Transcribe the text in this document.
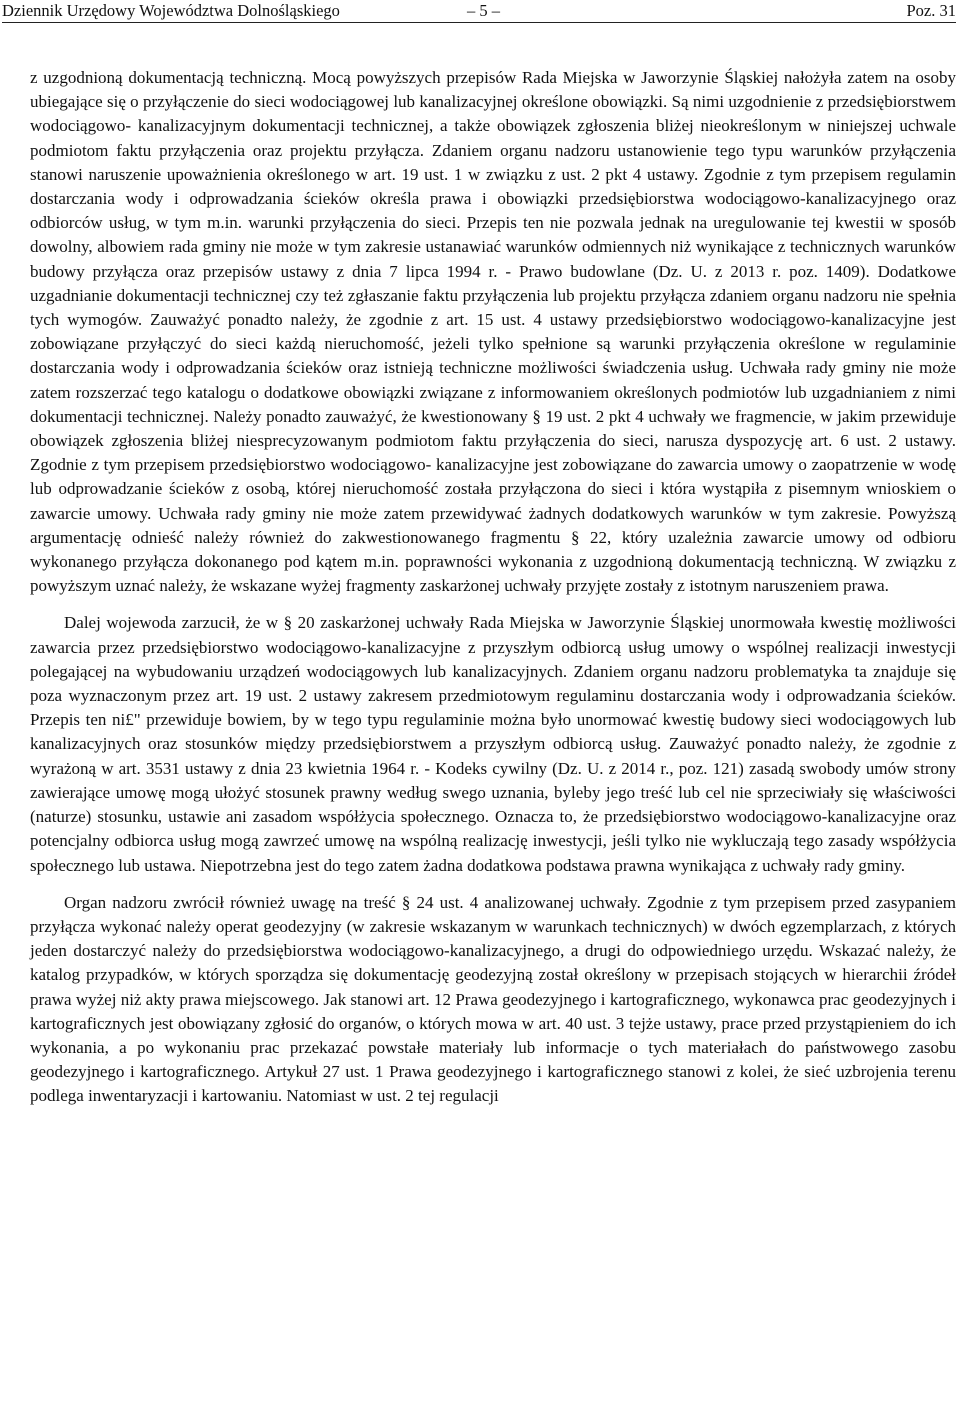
Dziennik Urzędowy Województwa Dolnośląskiego	– 5 –	Poz. 31

z uzgodnioną dokumentacją techniczną. Mocą powyższych przepisów Rada Miejska w Jaworzynie Śląskiej nałożyła zatem na osoby ubiegające się o przyłączenie do sieci wodociągowej lub kanalizacyjnej określone obowiązki. Są nimi uzgodnienie z przedsiębiorstwem wodociągowo- kanalizacyjnym dokumentacji technicznej, a także obowiązek zgłoszenia bliżej nieokreślonym w niniejszej uchwale podmiotom faktu przyłączenia oraz projektu przyłącza. Zdaniem organu nadzoru ustanowienie tego typu warunków przyłączenia stanowi naruszenie upoważnienia określonego w art. 19 ust. 1 w związku z ust. 2 pkt 4 ustawy. Zgodnie z tym przepisem regulamin dostarczania wody i odprowadzania ścieków określa prawa i obowiązki przedsiębiorstwa wodociągowo-kanalizacyjnego oraz odbiorców usług, w tym m.in. warunki przyłączenia do sieci. Przepis ten nie pozwala jednak na uregulowanie tej kwestii w sposób dowolny, albowiem rada gminy nie może w tym zakresie ustanawiać warunków odmiennych niż wynikające z technicznych warunków budowy przyłącza oraz przepisów ustawy z dnia 7 lipca 1994 r. - Prawo budowlane (Dz. U. z 2013 r. poz. 1409). Dodatkowe uzgadnianie dokumentacji technicznej czy też zgłaszanie faktu przyłączenia lub projektu przyłącza zdaniem organu nadzoru nie spełnia tych wymogów. Zauważyć ponadto należy, że zgodnie z art. 15 ust. 4 ustawy przedsiębiorstwo wodociągowo-kanalizacyjne jest zobowiązane przyłączyć do sieci każdą nieruchomość, jeżeli tylko spełnione są warunki przyłączenia określone w regulaminie dostarczania wody i odprowadzania ścieków oraz istnieją techniczne możliwości świadczenia usług. Uchwała rady gminy nie może zatem rozszerzać tego katalogu o dodatkowe obowiązki związane z informowaniem określonych podmiotów lub uzgadnianiem z nimi dokumentacji technicznej. Należy ponadto zauważyć, że kwestionowany § 19 ust. 2 pkt 4 uchwały we fragmencie, w jakim przewiduje obowiązek zgłoszenia bliżej niesprecyzowanym podmiotom faktu przyłączenia do sieci, narusza dyspozycję art. 6 ust. 2 ustawy. Zgodnie z tym przepisem przedsiębiorstwo wodociągowo- kanalizacyjne jest zobowiązane do zawarcia umowy o zaopatrzenie w wodę lub odprowadzanie ścieków z osobą, której nieruchomość została przyłączona do sieci i która wystąpiła z pisemnym wnioskiem o zawarcie umowy. Uchwała rady gminy nie może zatem przewidywać żadnych dodatkowych warunków w tym zakresie. Powyższą argumentację odnieść należy również do zakwestionowanego fragmentu § 22, który uzależnia zawarcie umowy od odbioru wykonanego przyłącza dokonanego pod kątem m.in. poprawności wykonania z uzgodnioną dokumentacją techniczną. W związku z powyższym uznać należy, że wskazane wyżej fragmenty zaskarżonej uchwały przyjęte zostały z istotnym naruszeniem prawa.

Dalej wojewoda zarzucił, że w § 20 zaskarżonej uchwały Rada Miejska w Jaworzynie Śląskiej unormowała kwestię możliwości zawarcia przez przedsiębiorstwo wodociągowo-kanalizacyjne z przyszłym odbiorcą usług umowy o wspólnej realizacji inwestycji polegającej na wybudowaniu urządzeń wodociągowych lub kanalizacyjnych. Zdaniem organu nadzoru problematyka ta znajduje się poza wyznaczonym przez art. 19 ust. 2 ustawy zakresem przedmiotowym regulaminu dostarczania wody i odprowadzania ścieków. Przepis ten ni£" przewiduje bowiem, by w tego typu regulaminie można było unormować kwestię budowy sieci wodociągowych lub kanalizacyjnych oraz stosunków między przedsiębiorstwem a przyszłym odbiorcą usług. Zauważyć ponadto należy, że zgodnie z wyrażoną w art. 3531 ustawy z dnia 23 kwietnia 1964 r. - Kodeks cywilny (Dz. U. z 2014 r., poz. 121) zasadą swobody umów strony zawierające umowę mogą ułożyć stosunek prawny według swego uznania, byleby jego treść lub cel nie sprzeciwiały się właściwości (naturze) stosunku, ustawie ani zasadom współżycia społecznego. Oznacza to, że przedsiębiorstwo wodociągowo-kanalizacyjne oraz potencjalny odbiorca usług mogą zawrzeć umowę na wspólną realizację inwestycji, jeśli tylko nie wykluczają tego zasady współżycia społecznego lub ustawa. Niepotrzebna jest do tego zatem żadna dodatkowa podstawa prawna wynikająca z uchwały rady gminy.

Organ nadzoru zwrócił również uwagę na treść § 24 ust. 4 analizowanej uchwały. Zgodnie z tym przepisem przed zasypaniem przyłącza wykonać należy operat geodezyjny (w zakresie wskazanym w warunkach technicznych) w dwóch egzemplarzach, z których jeden dostarczyć należy do przedsiębiorstwa wodociągowo-kanalizacyjnego, a drugi do odpowiedniego urzędu. Wskazać należy, że katalog przypadków, w których sporządza się dokumentację geodezyjną został określony w przepisach stojących w hierarchii źródeł prawa wyżej niż akty prawa miejscowego. Jak stanowi art. 12 Prawa geodezyjnego i kartograficznego, wykonawca prac geodezyjnych i kartograficznych jest obowiązany zgłosić do organów, o których mowa w art. 40 ust. 3 tejże ustawy, prace przed przystąpieniem do ich wykonania, a po wykonaniu prac przekazać powstałe materiały lub informacje o tych materiałach do państwowego zasobu geodezyjnego i kartograficznego. Artykuł 27 ust. 1 Prawa geodezyjnego i kartograficznego stanowi z kolei, że sieć uzbrojenia terenu podlega inwentaryzacji i kartowaniu. Natomiast w ust. 2 tej regulacji
